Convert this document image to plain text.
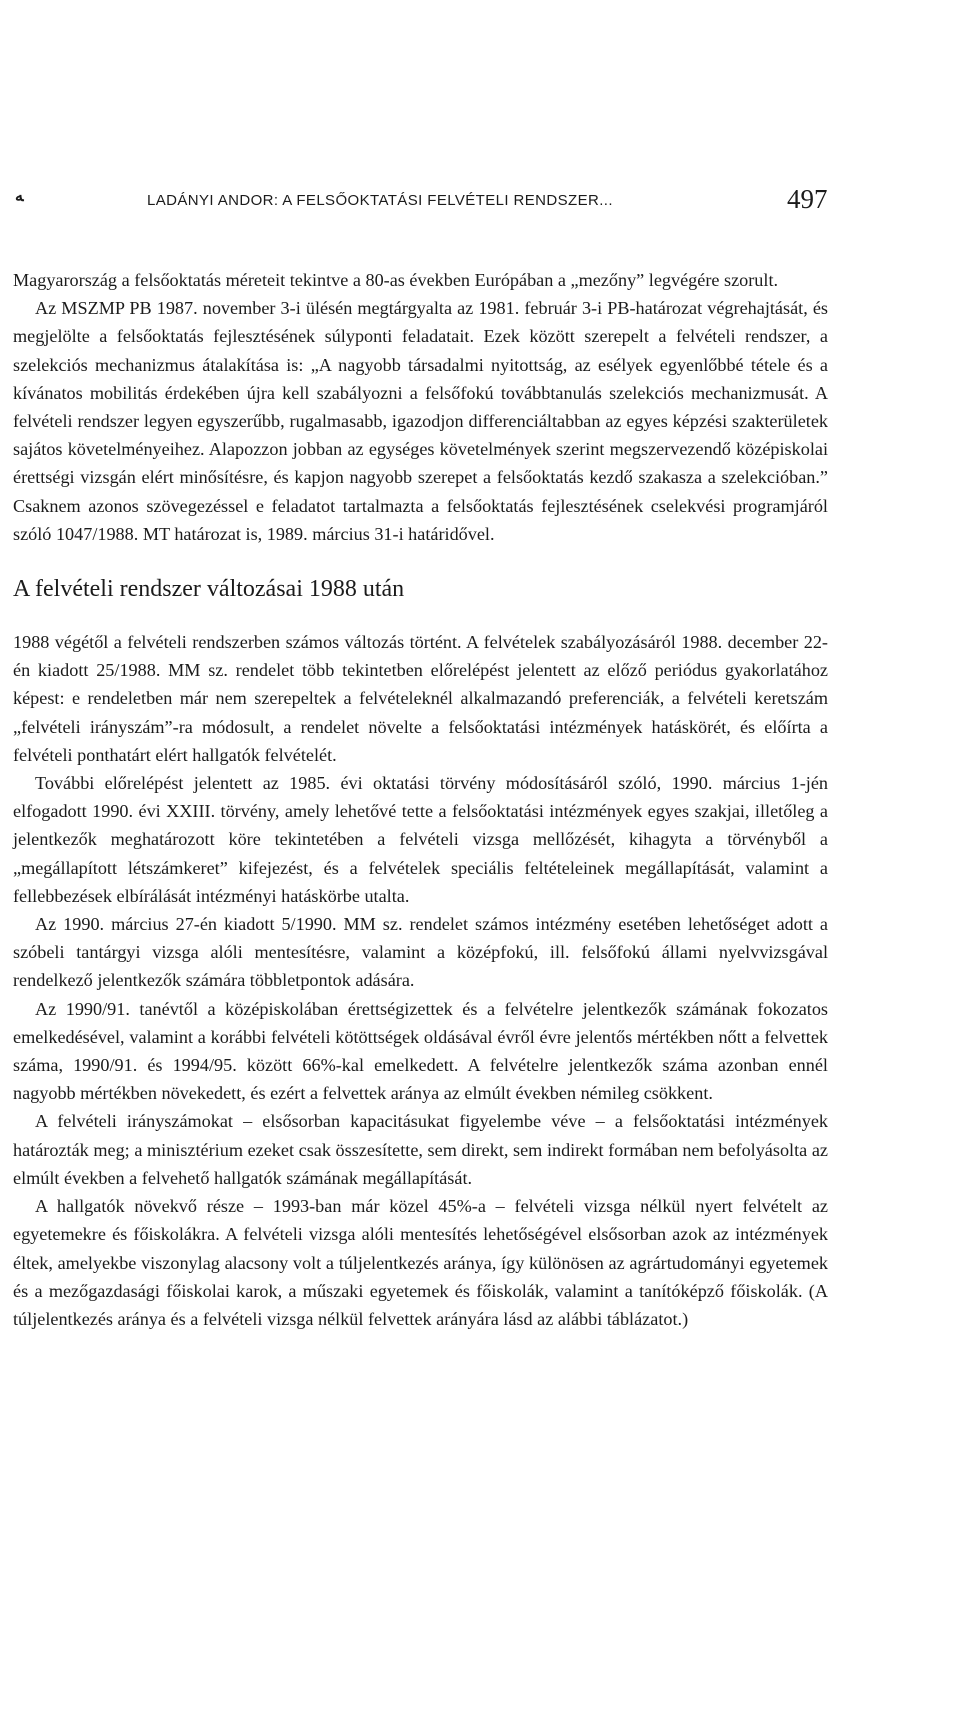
ﻪ	LADÁNYI ANDOR: A FELSŐOKTATÁSI FELVÉTELI RENDSZER...	497

Magyarország a felsőoktatás méreteit tekintve a 80-as években Európában a „mezőny” legvégére szorult.

Az MSZMP PB 1987. november 3-i ülésén megtárgyalta az 1981. február 3-i PB-határozat végrehajtását, és megjelölte a felsőoktatás fejlesztésének súlyponti feladatait. Ezek között szerepelt a felvételi rendszer, a szelekciós mechanizmus átalakítása is: „A nagyobb társadalmi nyitottság, az esélyek egyenlőbbé tétele és a kívánatos mobilitás érdekében újra kell szabályozni a felsőfokú továbbtanulás szelekciós mechanizmusát. A felvételi rendszer legyen egyszerűbb, rugalmasabb, igazodjon differenciáltabban az egyes képzési szakterületek sajátos követelményeihez. Alapozzon jobban az egységes követelmények szerint megszervezendő középiskolai érettségi vizsgán elért minősítésre, és kapjon nagyobb szerepet a felsőoktatás kezdő szakasza a szelekcióban.” Csaknem azonos szövegezéssel e feladatot tartalmazta a felsőoktatás fejlesztésének cselekvési programjáról szóló 1047/1988. MT határozat is, 1989. március 31-i határidővel.

A felvételi rendszer változásai 1988 után

1988 végétől a felvételi rendszerben számos változás történt. A felvételek szabályozásáról 1988. december 22-én kiadott 25/1988. MM sz. rendelet több tekintetben előrelépést jelentett az előző periódus gyakorlatához képest: e rendeletben már nem szerepeltek a felvételeknél alkalmazandó preferenciák, a felvételi keretszám „felvételi irányszám”-ra módosult, a rendelet növelte a felsőoktatási intézmények hatáskörét, és előírta a felvételi ponthatárt elért hallgatók felvételét.

További előrelépést jelentett az 1985. évi oktatási törvény módosításáról szóló, 1990. március 1-jén elfogadott 1990. évi XXIII. törvény, amely lehetővé tette a felsőoktatási intézmények egyes szakjai, illetőleg a jelentkezők meghatározott köre tekintetében a felvételi vizsga mellőzését, kihagyta a törvényből a „megállapított létszámkeret” kifejezést, és a felvételek speciális feltételeinek megállapítását, valamint a fellebbezések elbírálását intézményi hatáskörbe utalta.

Az 1990. március 27-én kiadott 5/1990. MM sz. rendelet számos intézmény esetében lehetőséget adott a szóbeli tantárgyi vizsga alóli mentesítésre, valamint a középfokú, ill. felsőfokú állami nyelvvizsgával rendelkező jelentkezők számára többletpontok adására.

Az 1990/91. tanévtől a középiskolában érettségizettek és a felvételre jelentkezők számának fokozatos emelkedésével, valamint a korábbi felvételi kötöttségek oldásával évről évre jelentős mértékben nőtt a felvettek száma, 1990/91. és 1994/95. között 66%-kal emelkedett. A felvételre jelentkezők száma azonban ennél nagyobb mértékben növekedett, és ezért a felvettek aránya az elmúlt években némileg csökkent.

A felvételi irányszámokat – elsősorban kapacitásukat figyelembe véve – a felsőoktatási intézmények határozták meg; a minisztérium ezeket csak összesítette, sem direkt, sem indirekt formában nem befolyásolta az elmúlt években a felvehető hallgatók számának megállapítását.

A hallgatók növekvő része – 1993-ban már közel 45%-a – felvételi vizsga nélkül nyert felvételt az egyetemekre és főiskolákra. A felvételi vizsga alóli mentesítés lehetőségével elsősorban azok az intézmények éltek, amelyekbe viszonylag alacsony volt a túljelentkezés aránya, így különösen az agrártudományi egyetemek és a mezőgazdasági főiskolai karok, a műszaki egyetemek és főiskolák, valamint a tanítóképző főiskolák. (A túljelentkezés aránya és a felvételi vizsga nélkül felvettek arányára lásd az alábbi táblázatot.)
